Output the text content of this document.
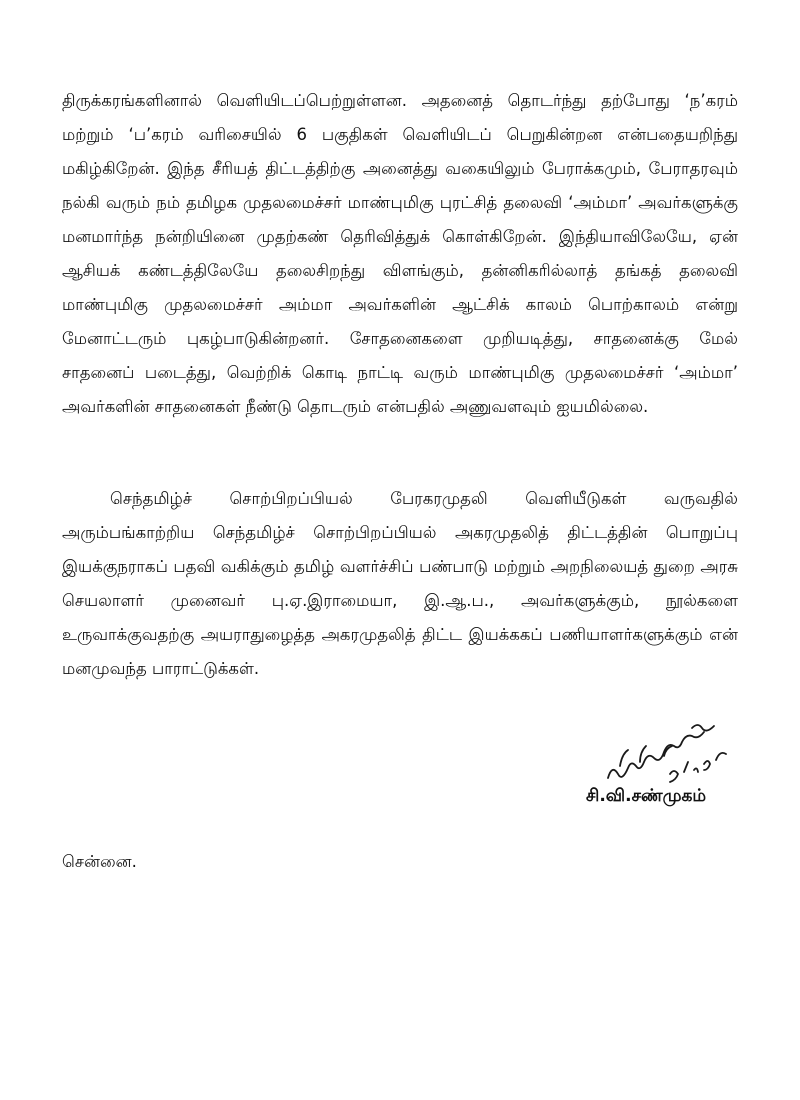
திருக்கரங்களினால் வெளியிடப்பெற்றுள்ளன. அதனைத் தொடர்ந்து தற்போது ‘ந’கரம் மற்றும் ‘ப’கரம் வரிசையில் 6 பகுதிகள் வெளியிடப் பெறுகின்றன என்பதையறிந்து மகிழ்கிறேன். இந்த சீரியத் திட்டத்திற்கு அனைத்து வகையிலும் பேராக்கமும், பேராதரவும் நல்கி வரும் நம் தமிழக முதலமைச்சர் மாண்புமிகு புரட்சித் தலைவி ‘அம்மா’ அவர்களுக்கு மனமார்ந்த நன்றியினை முதற்கண் தெரிவித்துக் கொள்கிறேன். இந்தியாவிலேயே, ஏன் ஆசியக் கண்டத்திலேயே தலைசிறந்து விளங்கும், தன்னிகரில்லாத் தங்கத் தலைவி மாண்புமிகு முதலமைச்சர் அம்மா அவர்களின் ஆட்சிக் காலம் பொற்காலம் என்று மேனாட்டரும் புகழ்பாடுகின்றனர். சோதனைகளை முறியடித்து, சாதனைக்கு மேல் சாதனைப் படைத்து, வெற்றிக் கொடி நாட்டி வரும் மாண்புமிகு முதலமைச்சர் ‘அம்மா’ அவர்களின் சாதனைகள் நீண்டு தொடரும் என்பதில் அணுவளவும் ஐயமில்லை.

செந்தமிழ்ச் சொற்பிறப்பியல் பேரகரமுதலி வெளியீடுகள் வருவதில் அரும்பங்காற்றிய செந்தமிழ்ச் சொற்பிறப்பியல் அகரமுதலித் திட்டத்தின் பொறுப்பு இயக்குநராகப் பதவி வகிக்கும் தமிழ் வளர்ச்சிப் பண்பாடு மற்றும் அறநிலையத் துறை அரசு செயலாளர் முனைவர் பு.ஏ.இராமையா, இ.ஆ.ப., அவர்களுக்கும், நூல்களை உருவாக்குவதற்கு அயராதுழைத்த அகரமுதலித் திட்ட இயக்ககப் பணியாளர்களுக்கும் என் மனமுவந்த பாராட்டுக்கள்.

சி.வி.சண்முகம்
சென்னை.
